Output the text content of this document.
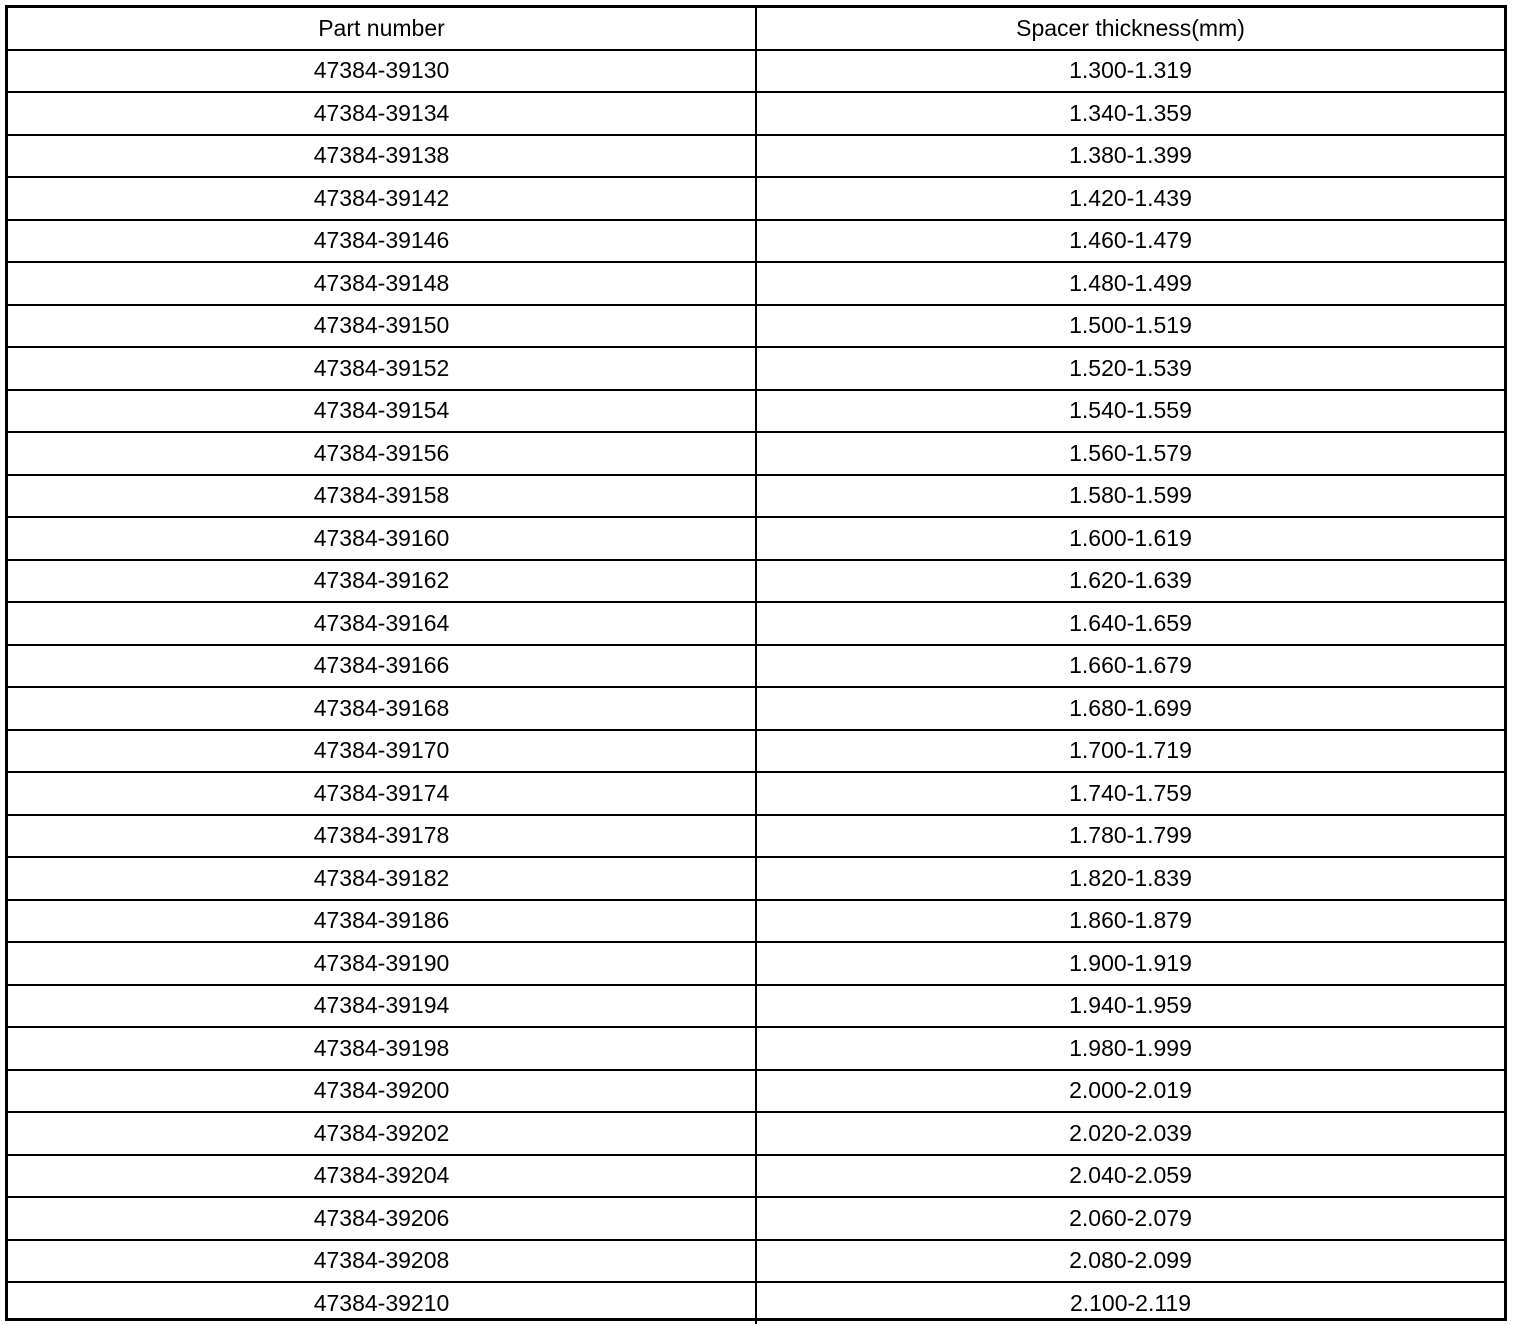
Part number	Spacer thickness(mm)
47384-39130	1.300-1.319
47384-39134	1.340-1.359
47384-39138	1.380-1.399
47384-39142	1.420-1.439
47384-39146	1.460-1.479
47384-39148	1.480-1.499
47384-39150	1.500-1.519
47384-39152	1.520-1.539
47384-39154	1.540-1.559
47384-39156	1.560-1.579
47384-39158	1.580-1.599
47384-39160	1.600-1.619
47384-39162	1.620-1.639
47384-39164	1.640-1.659
47384-39166	1.660-1.679
47384-39168	1.680-1.699
47384-39170	1.700-1.719
47384-39174	1.740-1.759
47384-39178	1.780-1.799
47384-39182	1.820-1.839
47384-39186	1.860-1.879
47384-39190	1.900-1.919
47384-39194	1.940-1.959
47384-39198	1.980-1.999
47384-39200	2.000-2.019
47384-39202	2.020-2.039
47384-39204	2.040-2.059
47384-39206	2.060-2.079
47384-39208	2.080-2.099
47384-39210	2.100-2.119
